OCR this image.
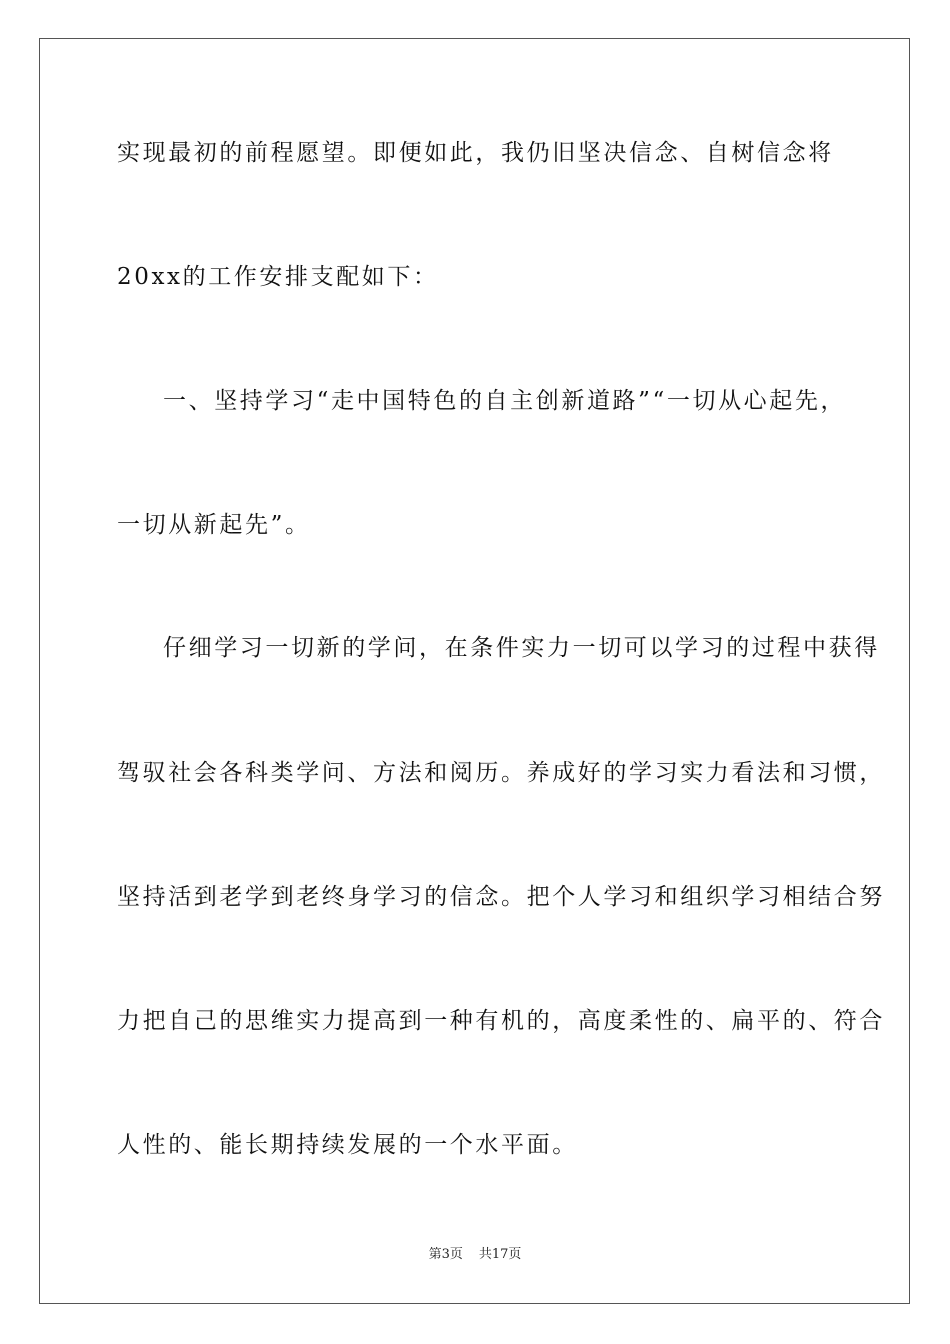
实现最初的前程愿望。即便如此，我仍旧坚决信念、自树信念将
20xx的工作安排支配如下：
一、坚持学习“走中国特色的自主创新道路”“一切从心起先，
一切从新起先”。
仔细学习一切新的学问，在条件实力一切可以学习的过程中获得
驾驭社会各科类学问、方法和阅历。养成好的学习实力看法和习惯，
坚持活到老学到老终身学习的信念。把个人学习和组织学习相结合努
力把自己的思维实力提高到一种有机的，高度柔性的、扁平的、符合
人性的、能长期持续发展的一个水平面。
第3页 共17页
